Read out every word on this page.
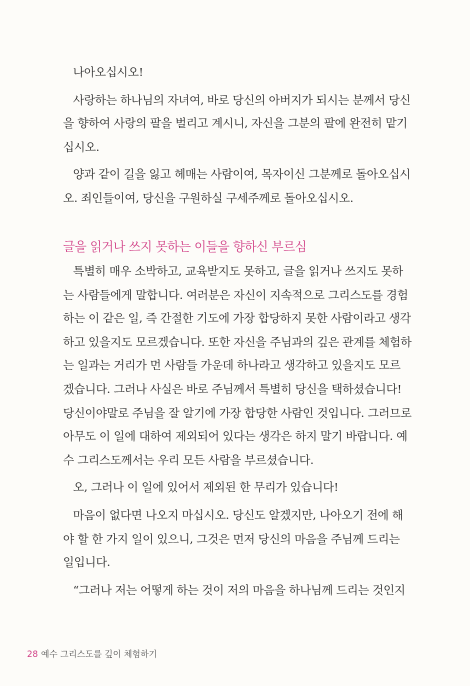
나아오십시오!
사랑하는 하나님의 자녀여, 바로 당신의 아버지가 되시는 분께서 당신
을 향하여 사랑의 팔을 벌리고 계시니, 자신을 그분의 팔에 완전히 맡기
십시오.
양과 같이 길을 잃고 헤매는 사람이여, 목자이신 그분께로 돌아오십시
오. 죄인들이여, 당신을 구원하실 구세주께로 돌아오십시오.
글을 읽거나 쓰지 못하는 이들을 향하신 부르심
특별히 매우 소박하고, 교육받지도 못하고, 글을 읽거나 쓰지도 못하
는 사람들에게 말합니다. 여러분은 자신이 지속적으로 그리스도를 경험
하는 이 같은 일, 즉 간절한 기도에 가장 합당하지 못한 사람이라고 생각
하고 있을지도 모르겠습니다. 또한 자신을 주님과의 깊은 관계를 체험하
는 일과는 거리가 먼 사람들 가운데 하나라고 생각하고 있을지도 모르
겠습니다. 그러나 사실은 바로 주님께서 특별히 당신을 택하셨습니다!
당신이야말로 주님을 잘 알기에 가장 합당한 사람인 것입니다. 그러므로
아무도 이 일에 대하여 제외되어 있다는 생각은 하지 말기 바랍니다. 예
수 그리스도께서는 우리 모든 사람을 부르셨습니다.
오, 그러나 이 일에 있어서 제외된 한 무리가 있습니다!
마음이 없다면 나오지 마십시오. 당신도 알겠지만, 나아오기 전에 해
야 할 한 가지 일이 있으니, 그것은 먼저 당신의 마음을 주님께 드리는
일입니다.
“그러나 저는 어떻게 하는 것이 저의 마음을 하나님께 드리는 것인지
28 예수 그리스도를 깊이 체험하기
